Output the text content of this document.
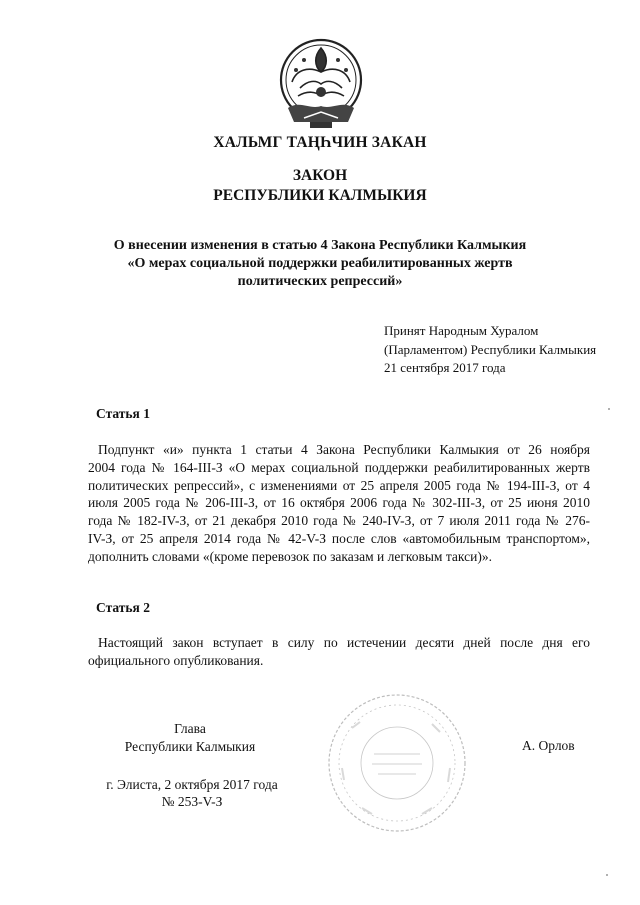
ХАЛЬМГ ТАҢҺЧИН ЗАКАН
ЗАКОН
РЕСПУБЛИКИ КАЛМЫКИЯ
О внесении изменения в статью 4 Закона Республики Калмыкия
«О мерах социальной поддержки реабилитированных жертв
политических репрессий»
Принят Народным Хуралом
(Парламентом) Республики Калмыкия
21 сентября 2017 года
Статья 1
Подпункт «и» пункта 1 статьи 4 Закона Республики Калмыкия от 26 ноября
2004 года № 164-III-З «О мерах социальной поддержки реабилитированных жертв
политических репрессий», с изменениями от 25 апреля 2005 года № 194-III-З, от 4
июля 2005 года № 206-III-З, от 16 октября 2006 года № 302-III-З, от 25 июня 2010
года № 182-IV-З, от 21 декабря 2010 года № 240-IV-З, от 7 июля 2011 года № 276-
IV-З, от 25 апреля 2014 года № 42-V-З после слов «автомобильным транспортом»,
дополнить словами «(кроме перевозок по заказам и легковым такси)».
Статья 2
Настоящий закон вступает в силу по истечении десяти дней после дня его
официального опубликования.
Глава
Республики Калмыкия	А. Орлов
г. Элиста, 2 октября 2017 года
№ 253-V-З
